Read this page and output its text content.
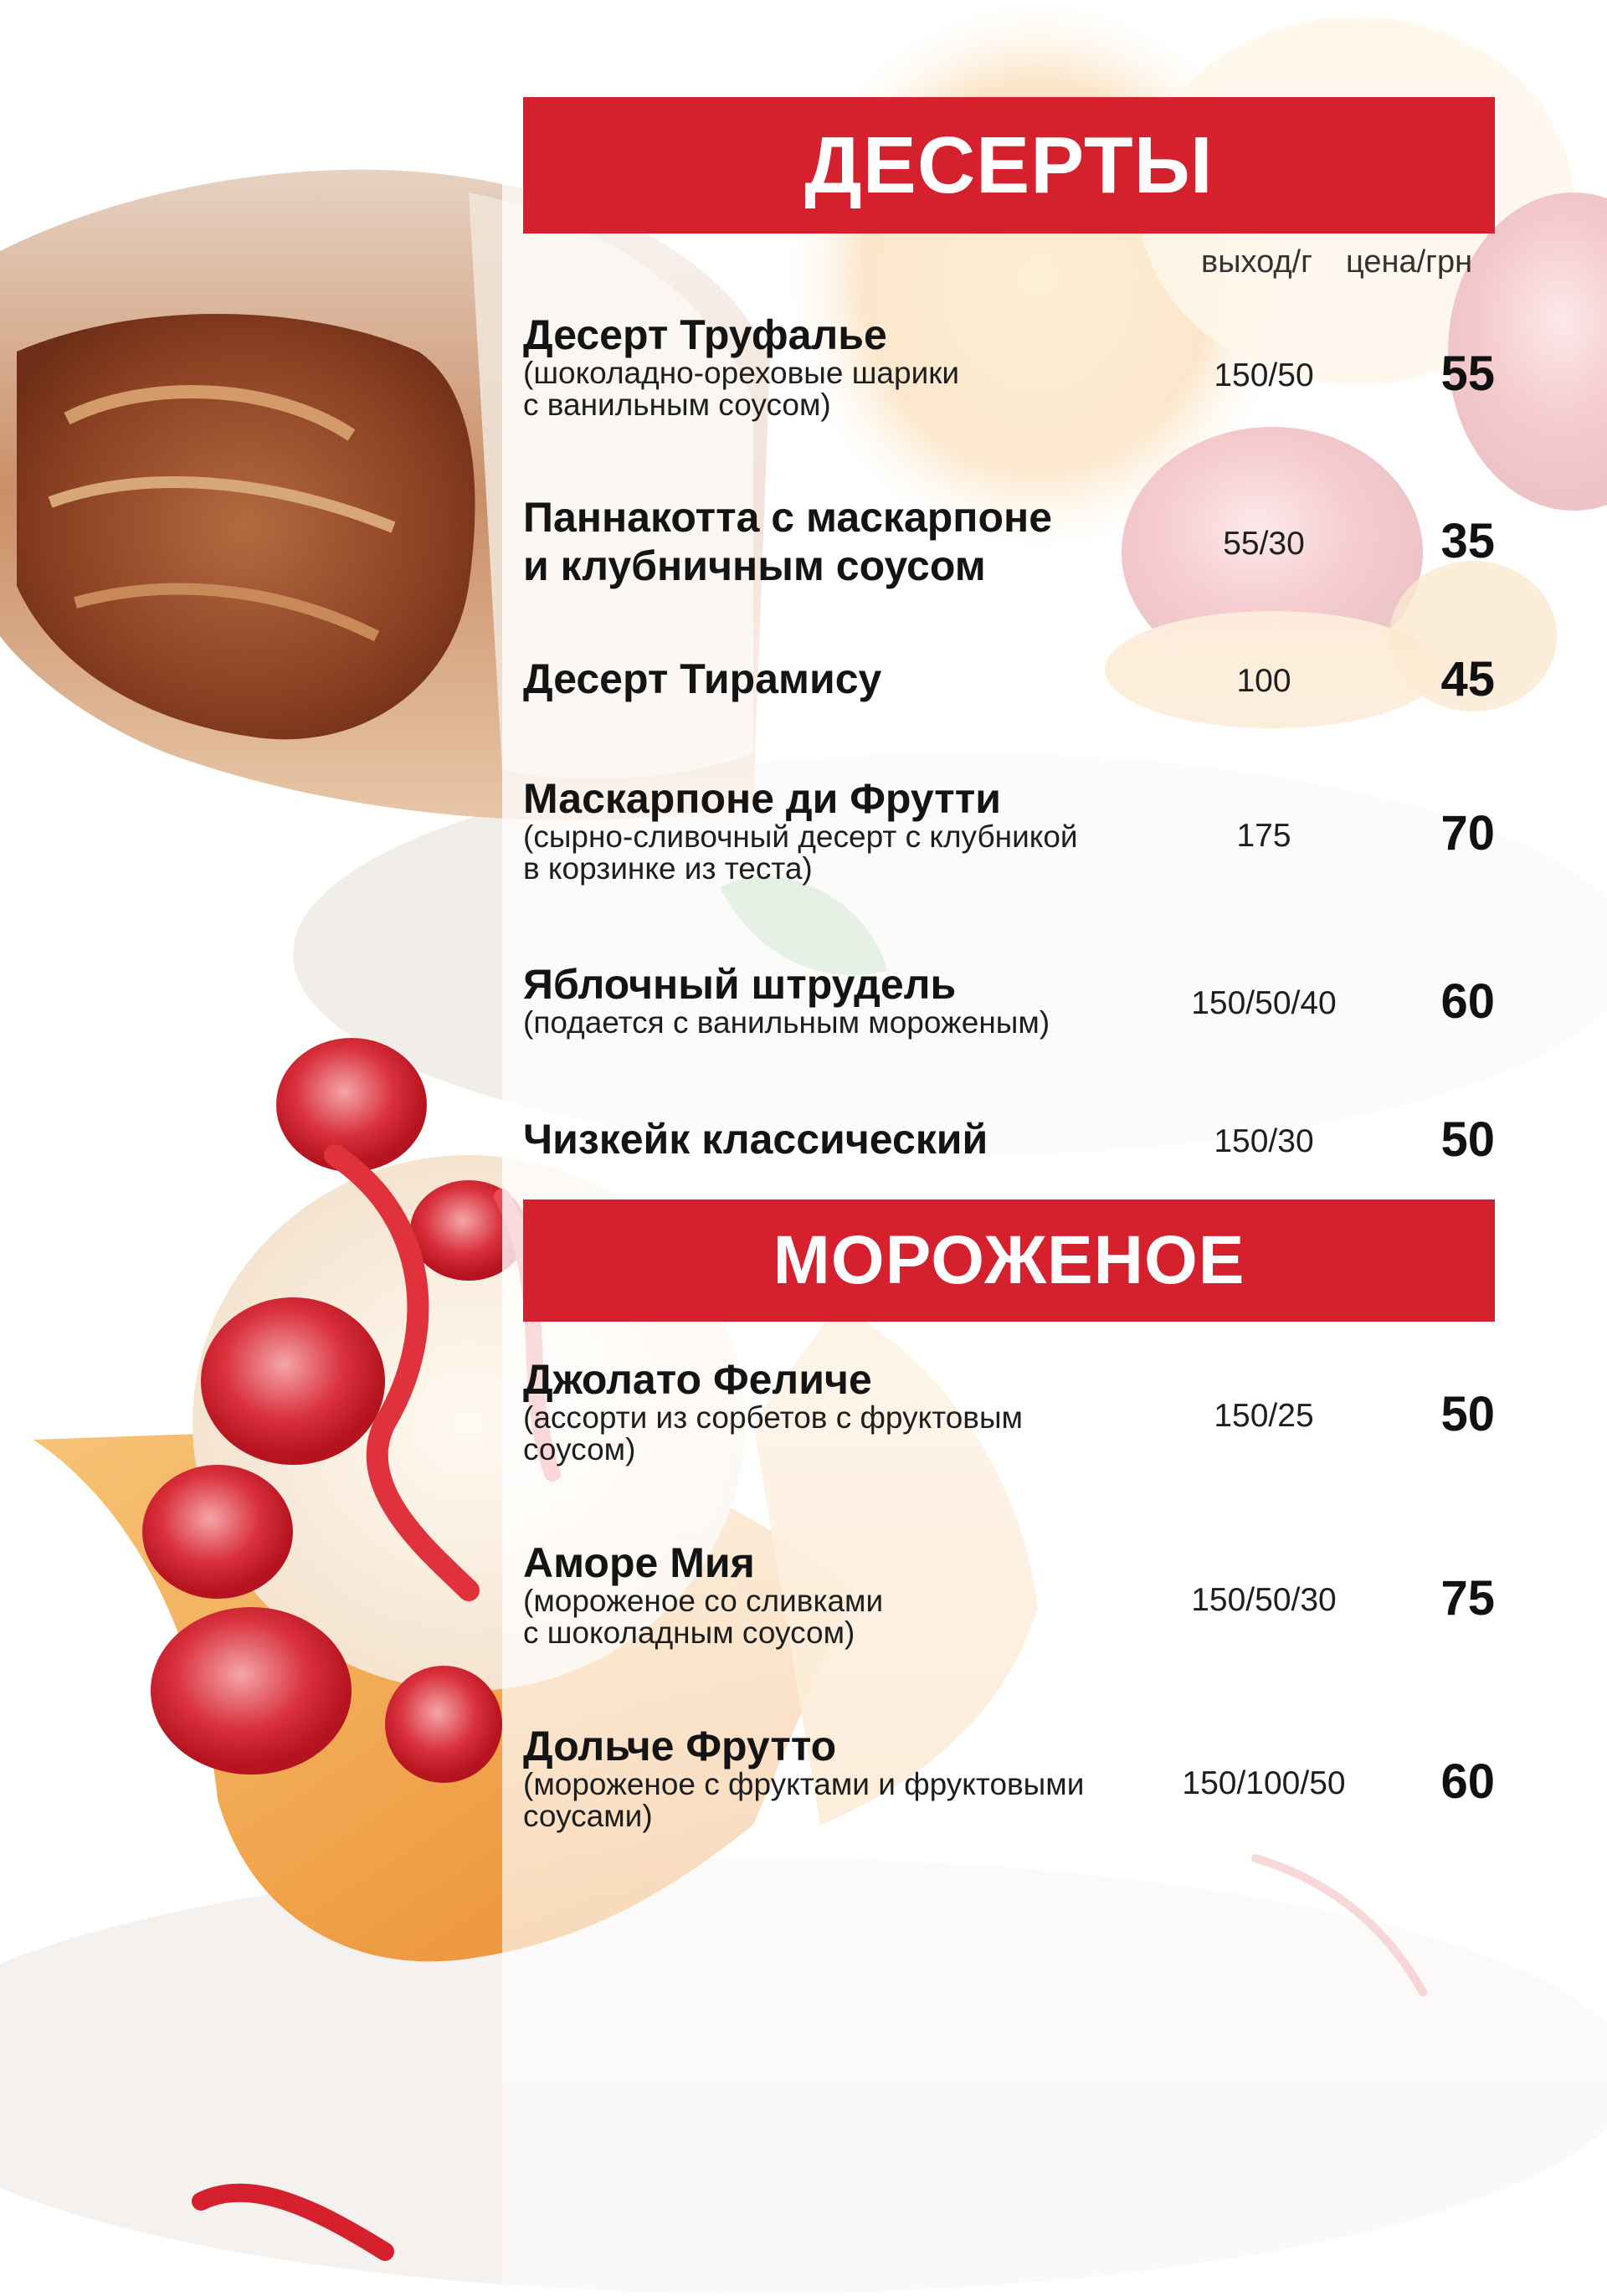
ДЕСЕРТЫ
выход/г цена/грн
Десерт Труфалье
(шоколадно-ореховые шарики
с ванильным соусом)
150/50	55
Паннакотта с маскарпоне
и клубничным соусом	55/30	35
Десерт Тирамису	100	45
Маскарпоне ди Фрутти
(сырно-сливочный десерт с клубникой
в корзинке из теста)
175	70
Яблочный штрудель
(подается с ванильным мороженым)
150/50/40	60
Чизкейк классический	150/30	50
МОРОЖЕНОЕ
Джолато Феличе
(ассорти из сорбетов с фруктовым
соусом)
150/25	50
Аморе Мия
(мороженое со сливками
с шоколадным соусом)
150/50/30	75
Дольче Фрутто
(мороженое с фруктами и фруктовыми
соусами)
150/100/50	60
